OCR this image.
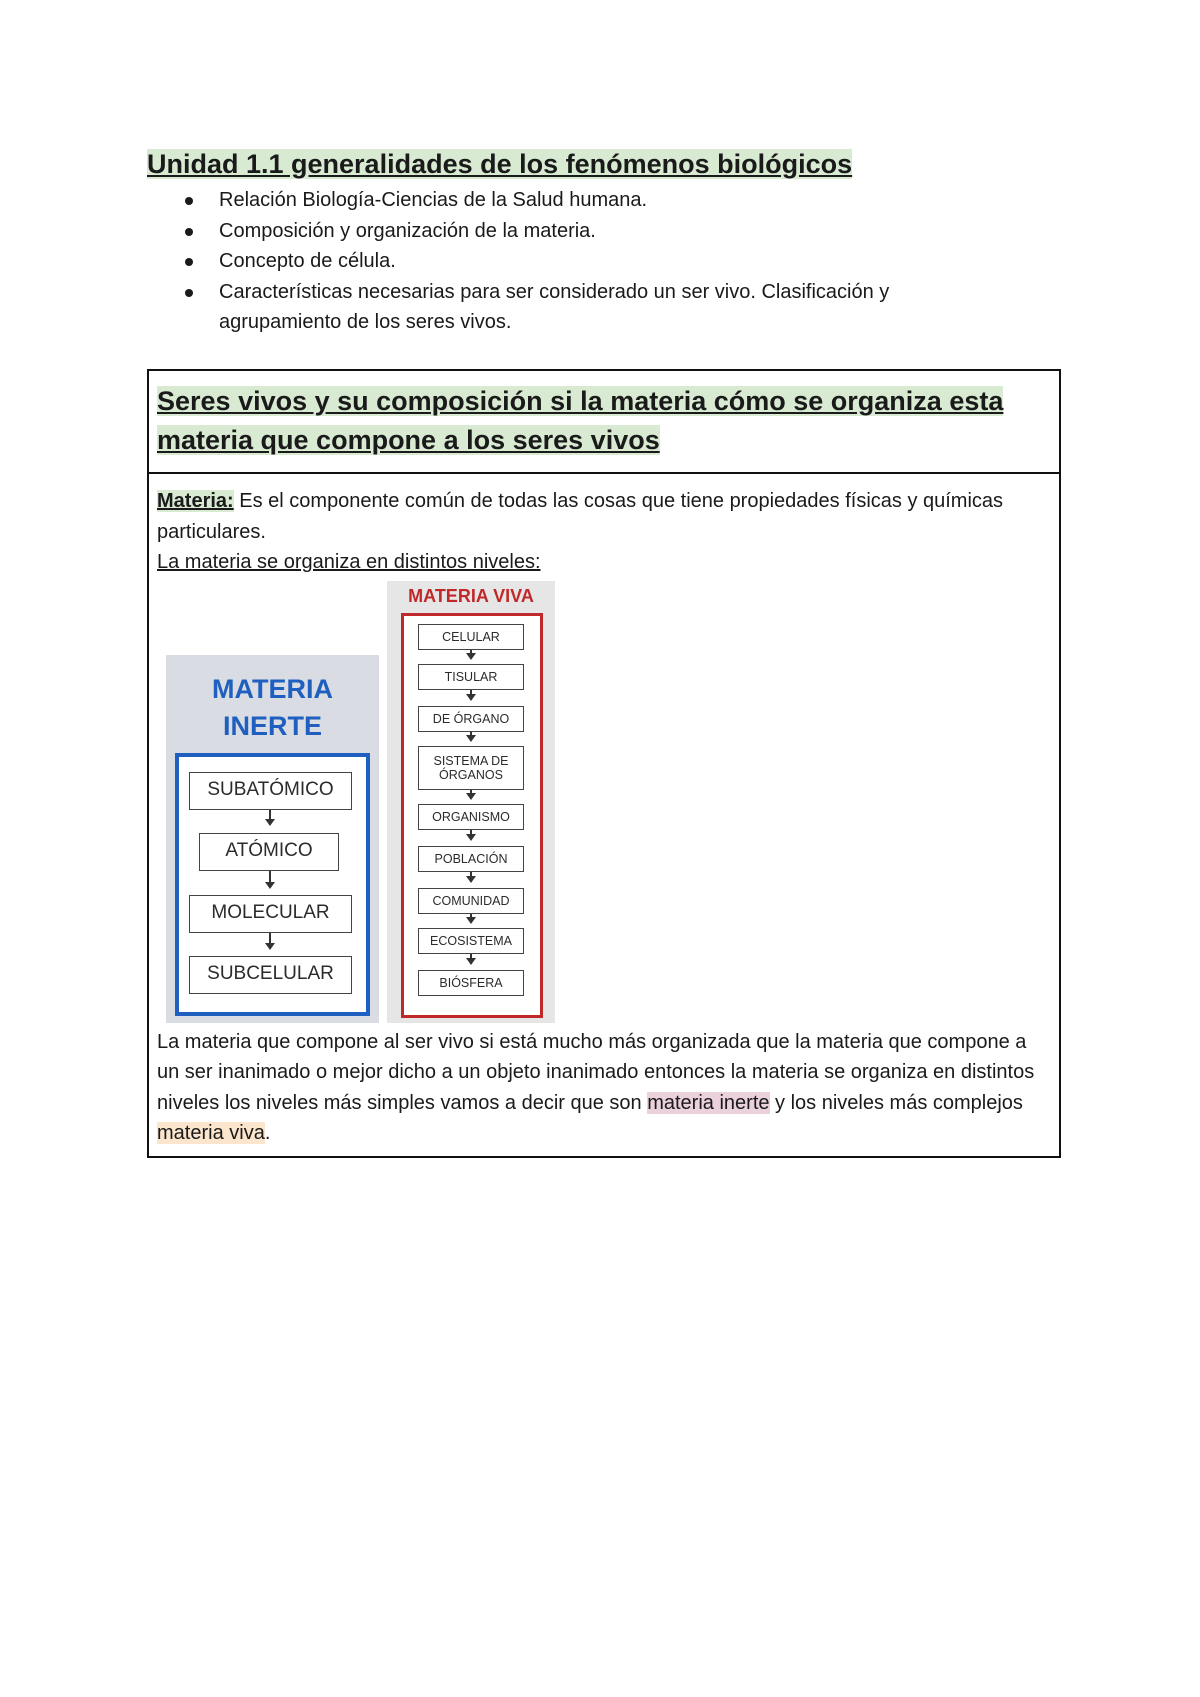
Unidad 1.1 generalidades de los fenómenos biológicos
Relación Biología-Ciencias de la Salud humana.
Composición y organización de la materia.
Concepto de célula.
Características necesarias para ser considerado un ser vivo. Clasificación y agrupamiento de los seres vivos.
Seres vivos y su composición si la materia cómo se organiza esta materia que compone a los seres vivos

Materia: Es el componente común de todas las cosas que tiene propiedades físicas y químicas particulares.

La materia se organiza en distintos niveles:

MATERIA
INERTE
SUBATÓMICO
ATÓMICO
MOLECULAR
SUBCELULAR
MATERIA VIVA
CELULAR
TISULAR
DE ÓRGANO
SISTEMA DE ÓRGANOS
ORGANISMO
POBLACIÓN
COMUNIDAD
ECOSISTEMA
BIÓSFERA

La materia que compone al ser vivo si está mucho más organizada que la materia que compone a un ser inanimado o mejor dicho a un objeto inanimado entonces la materia se organiza en distintos niveles los niveles más simples vamos a decir que son materia inerte y los niveles más complejos materia viva.
